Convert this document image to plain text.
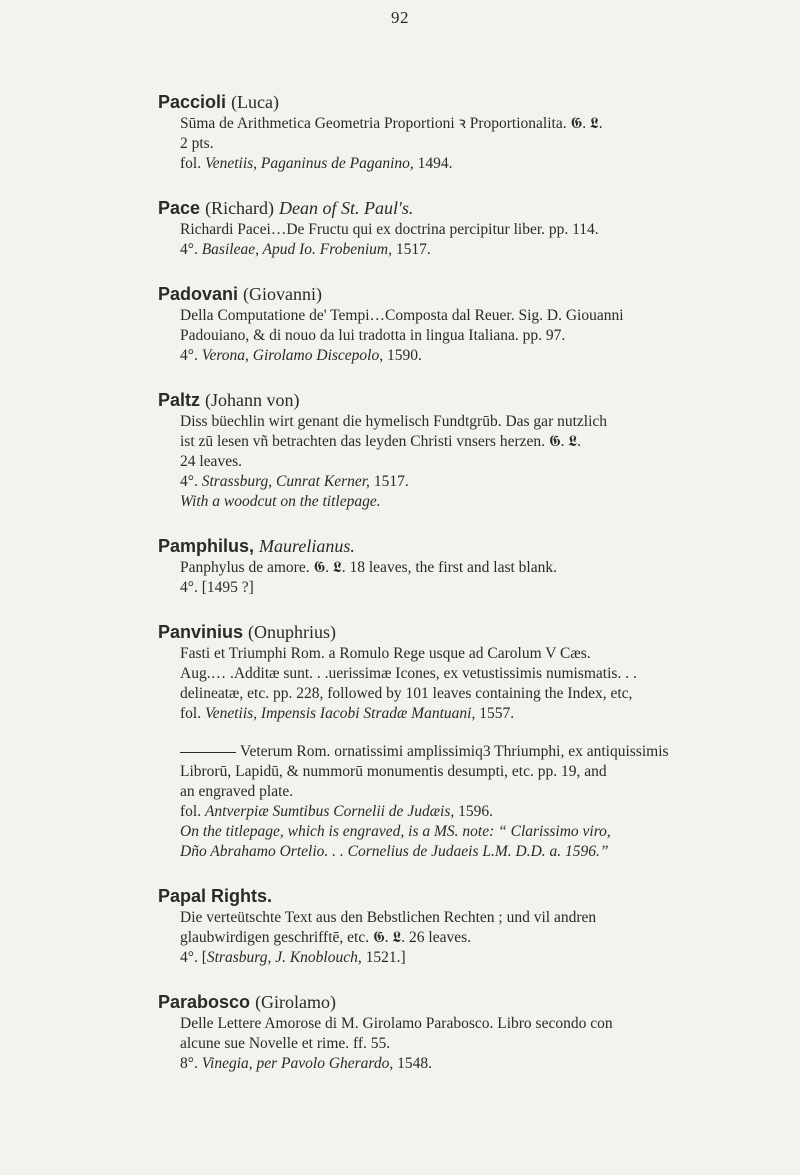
92
Paccioli (Luca)
Sūma de Arithmetica Geometria Proportioni ꝛ Proportionalita. 𝕲. 𝕷.
2 pts.
fol. Venetiis, Paganinus de Paganino, 1494.
Pace (Richard) Dean of St. Paul's.
Richardi Pacei…De Fructu qui ex doctrina percipitur liber. pp. 114.
4°. Basileae, Apud Io. Frobenium, 1517.
Padovani (Giovanni)
Della Computatione de' Tempi…Composta dal Reuer. Sig. D. Giouanni
Padouiano, & di nouo da lui tradotta in lingua Italiana. pp. 97.
4°. Verona, Girolamo Discepolo, 1590.
Paltz (Johann von)
Diss büechlin wirt genant die hymelisch Fundtgrūb. Das gar nutzlich
ist zū lesen vñ betrachten das leyden Christi vnsers herzen. 𝕲. 𝕷.
24 leaves.
4°. Strassburg, Cunrat Kerner, 1517.
With a woodcut on the titlepage.
Pamphilus, Maurelianus.
Panphylus de amore. 𝕲. 𝕷. 18 leaves, the first and last blank.
4°. [1495 ?]
Panvinius (Onuphrius)
Fasti et Triumphi Rom. a Romulo Rege usque ad Carolum V Cæs.
Aug.… .Additæ sunt. . .uerissimæ Icones, ex vetustissimis numismatis. . .
delineatæ, etc. pp. 228, followed by 101 leaves containing the Index, etc,
fol. Venetiis, Impensis Iacobi Stradæ Mantuani, 1557.
Veterum Rom. ornatissimi amplissimiq3 Thriumphi, ex antiquissimis
Librorū, Lapidū, & nummorū monumentis desumpti, etc. pp. 19, and
an engraved plate.
fol. Antverpiæ Sumtibus Cornelii de Judæis, 1596.
On the titlepage, which is engraved, is a MS. note: “ Clarissimo viro,
Dño Abrahamo Ortelio. . . Cornelius de Judaeis L.M. D.D. a. 1596.”
Papal Rights.
Die verteütschte Text aus den Bebstlichen Rechten ; und vil andren
glaubwirdigen geschrifftē, etc. 𝕲. 𝕷. 26 leaves.
4°. [Strasburg, J. Knoblouch, 1521.]
Parabosco (Girolamo)
Delle Lettere Amorose di M. Girolamo Parabosco. Libro secondo con
alcune sue Novelle et rime. ff. 55.
8°. Vinegia, per Pavolo Gherardo, 1548.
